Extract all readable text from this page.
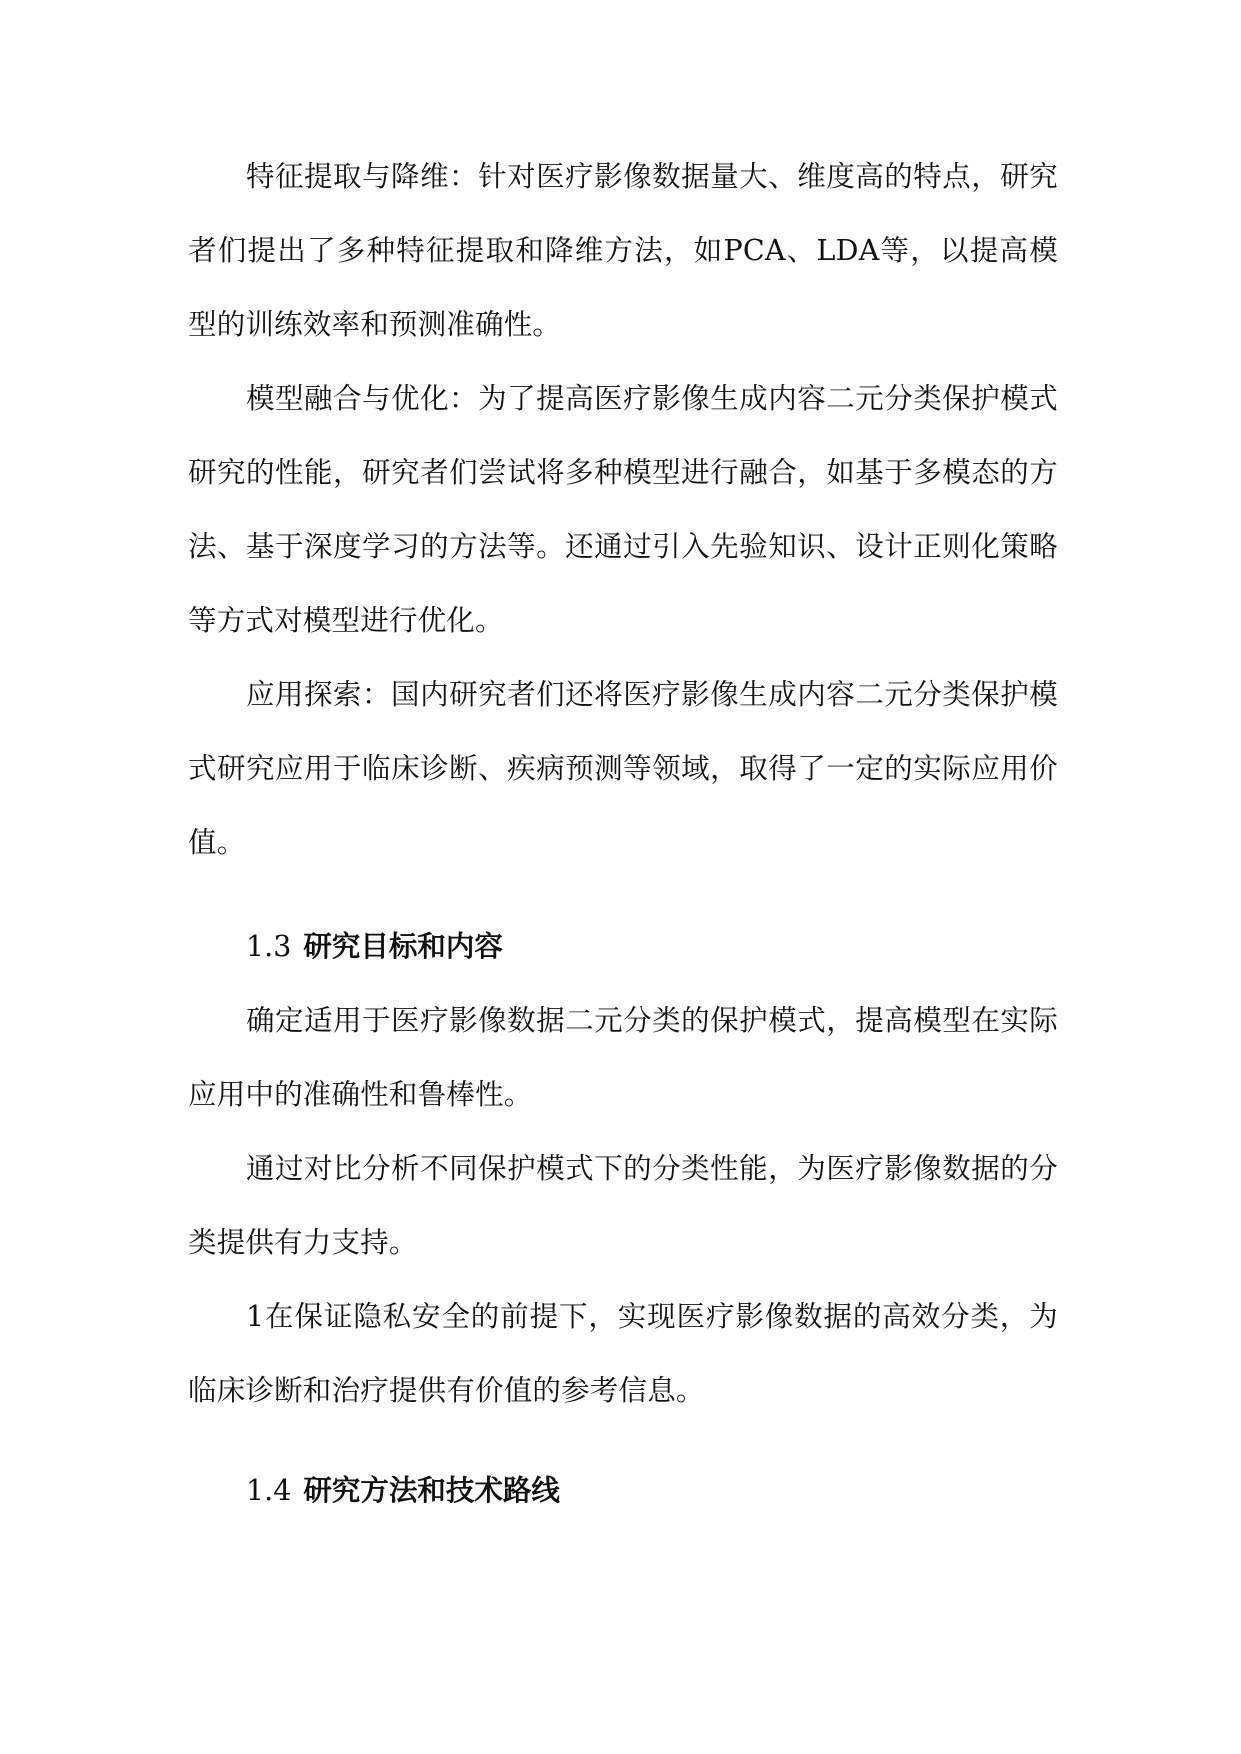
特征提取与降维：针对医疗影像数据量大、维度高的特点，研究者们提出了多种特征提取和降维方法，如PCA、LDA等，以提高模型的训练效率和预测准确性。

模型融合与优化：为了提高医疗影像生成内容二元分类保护模式研究的性能，研究者们尝试将多种模型进行融合，如基于多模态的方法、基于深度学习的方法等。还通过引入先验知识、设计正则化策略等方式对模型进行优化。

应用探索：国内研究者们还将医疗影像生成内容二元分类保护模式研究应用于临床诊断、疾病预测等领域，取得了一定的实际应用价值。

1.3 研究目标和内容

确定适用于医疗影像数据二元分类的保护模式，提高模型在实际应用中的准确性和鲁棒性。

通过对比分析不同保护模式下的分类性能，为医疗影像数据的分类提供有力支持。

1在保证隐私安全的前提下，实现医疗影像数据的高效分类，为临床诊断和治疗提供有价值的参考信息。

1.4 研究方法和技术路线
